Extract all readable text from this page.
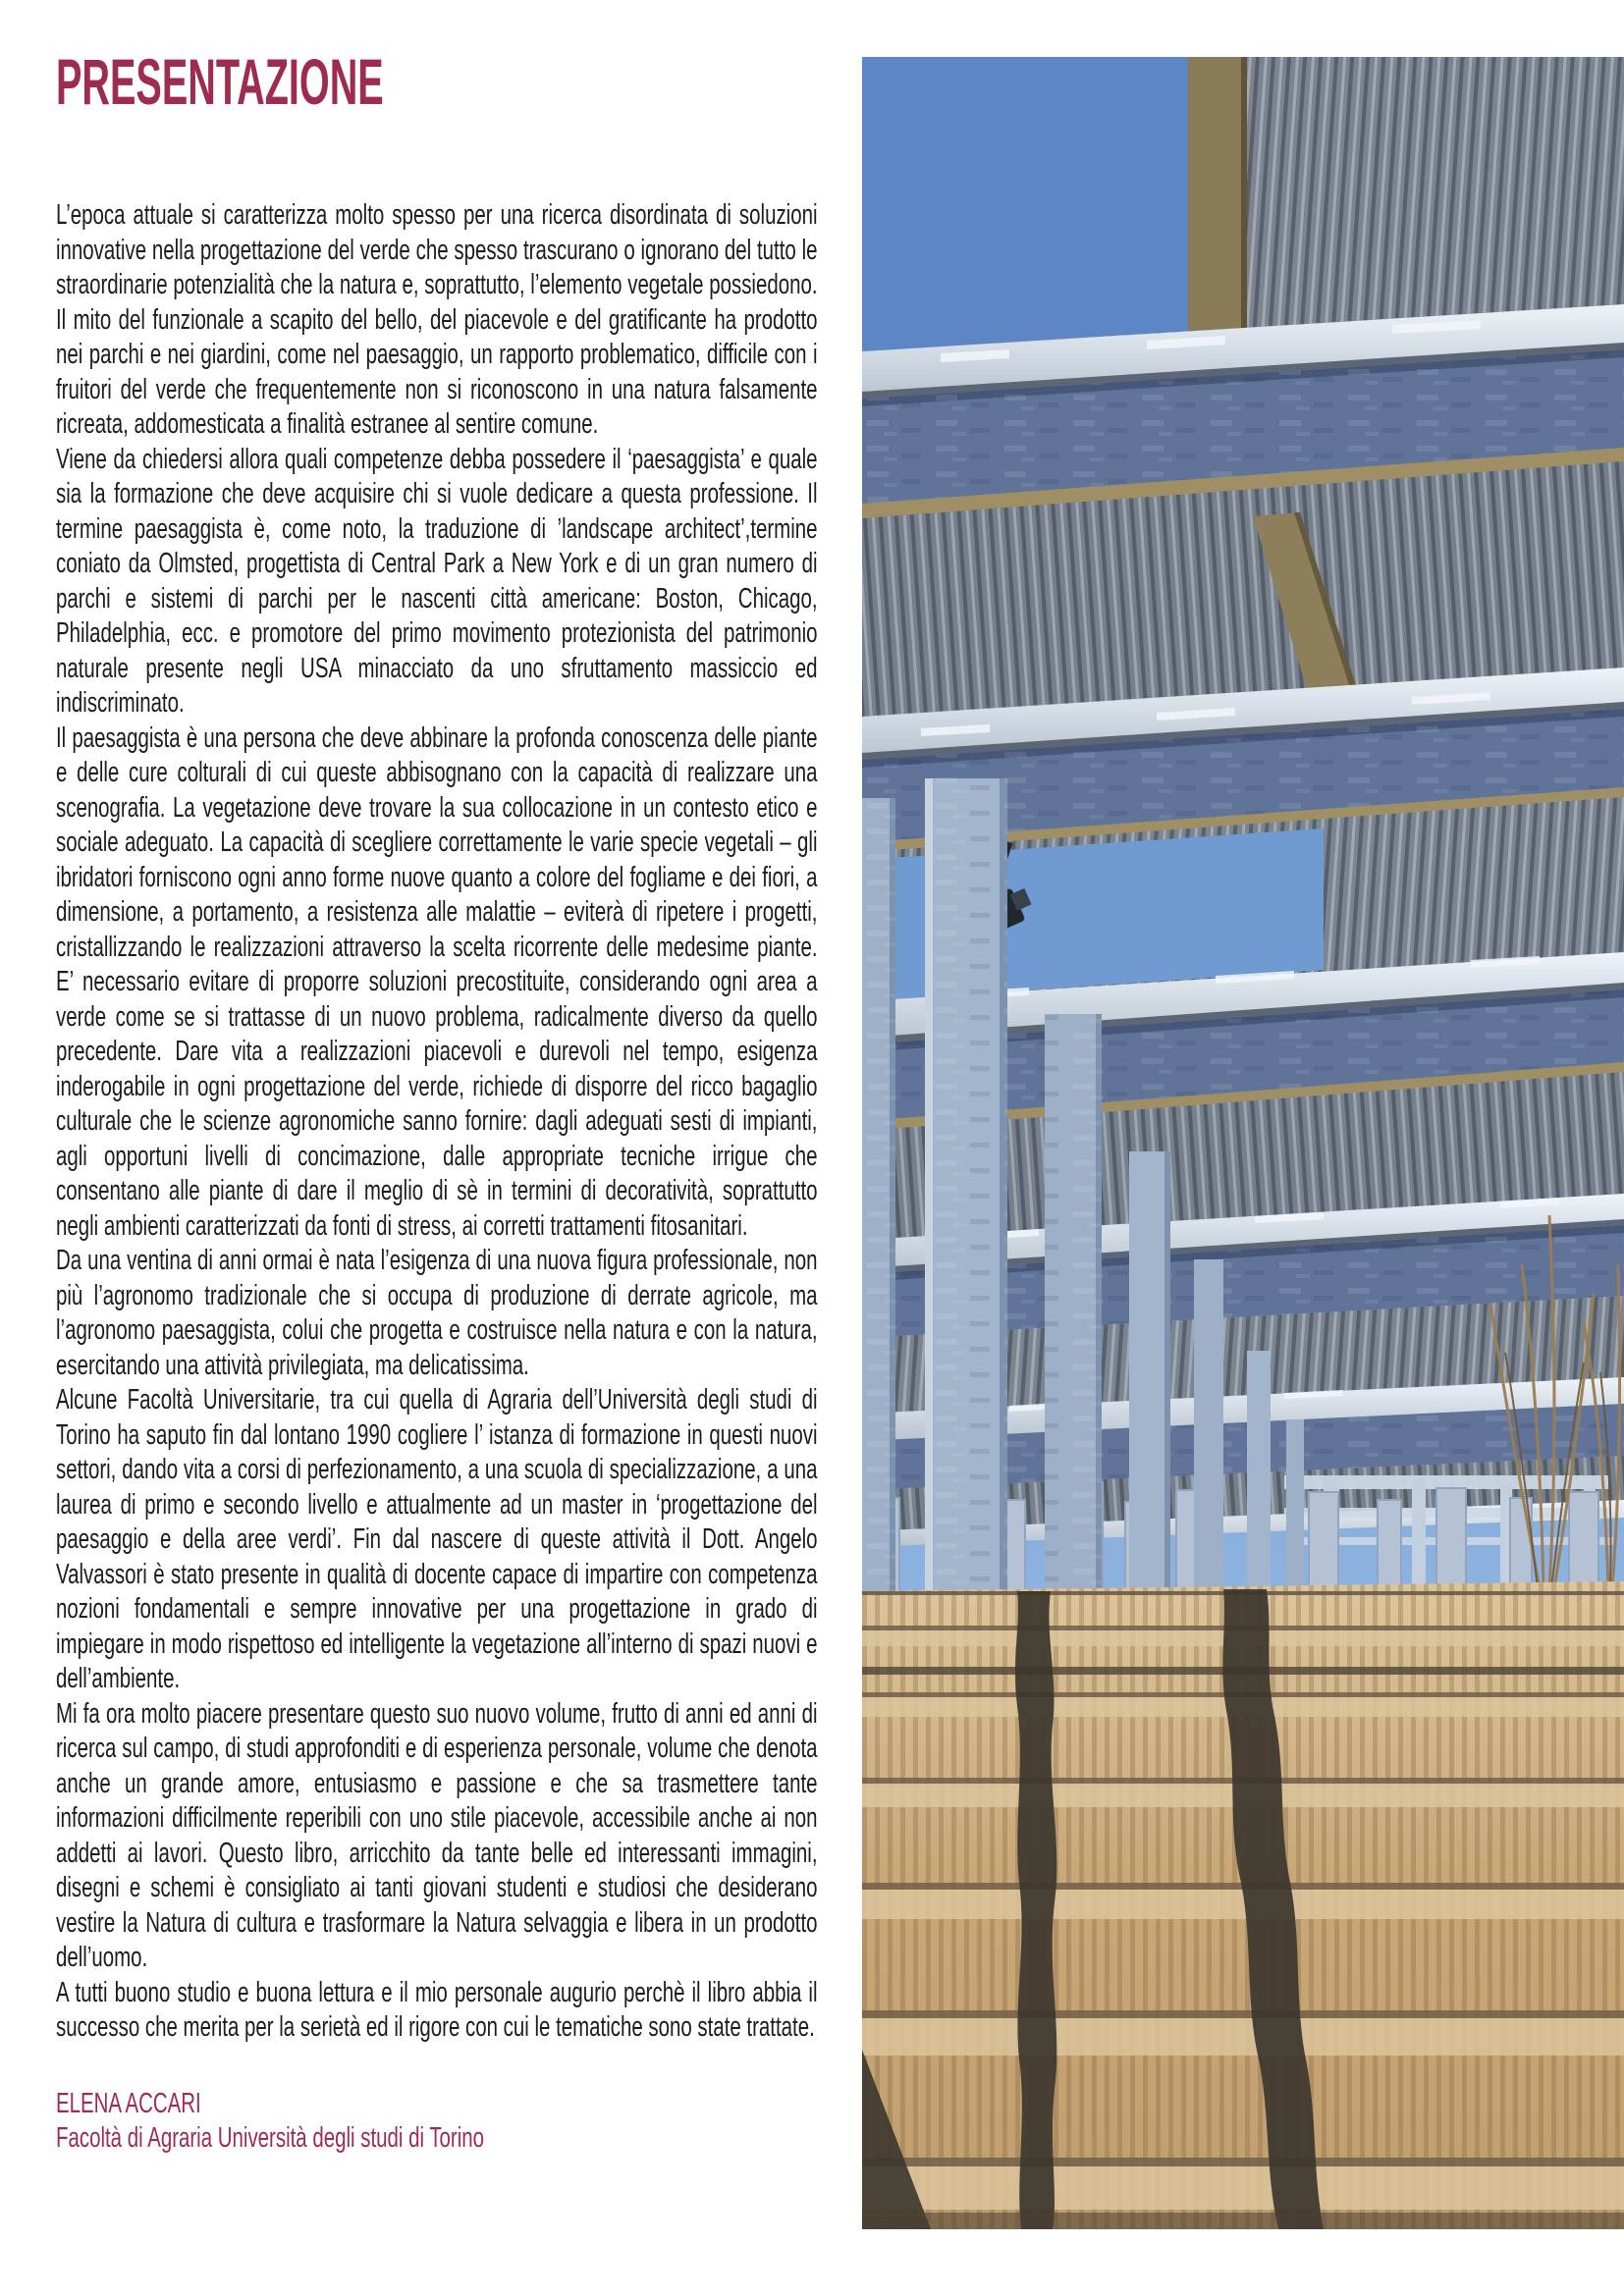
PRESENTAZIONE

L’epoca attuale si caratterizza molto spesso per una ricerca disordinata di soluzioni innovative nella progettazione del verde che spesso trascurano o ignorano del tutto le straordinarie potenzialità che la natura e, soprattutto, l’elemento vegetale possiedono. Il mito del funzionale a scapito del bello, del piacevole e del gratificante ha prodotto nei parchi e nei giardini, come nel paesaggio, un rapporto problematico, difficile con i fruitori del verde che frequentemente non si riconoscono in una natura falsamente ricreata, addomesticata a finalità estranee al sentire comune.

Viene da chiedersi allora quali competenze debba possedere il ‘paesaggista’ e quale sia la formazione che deve acquisire chi si vuole dedicare a questa professione. Il termine paesaggista è, come noto, la traduzione di ’landscape architect’,termine coniato da Olmsted, progettista di Central Park a New York e di un gran numero di parchi e sistemi di parchi per le nascenti città americane: Boston, Chicago, Philadelphia, ecc. e promotore del primo movimento protezionista del patrimonio naturale presente negli USA minacciato da uno sfruttamento massiccio ed indiscriminato.

Il paesaggista è una persona che deve abbinare la profonda conoscenza delle piante e delle cure colturali di cui queste abbisognano con la capacità di realizzare una scenografia. La vegetazione deve trovare la sua collocazione in un contesto etico e sociale adeguato. La capacità di scegliere correttamente le varie specie vegetali – gli ibridatori forniscono ogni anno forme nuove quanto a colore del fogliame e dei fiori, a dimensione, a portamento, a resistenza alle malattie – eviterà di ripetere i progetti, cristallizzando le realizzazioni attraverso la scelta ricorrente delle medesime piante. E’ necessario evitare di proporre soluzioni precostituite, considerando ogni area a verde come se si trattasse di un nuovo problema, radicalmente diverso da quello precedente. Dare vita a realizzazioni piacevoli e durevoli nel tempo, esigenza inderogabile in ogni progettazione del verde, richiede di disporre del ricco bagaglio culturale che le scienze agronomiche sanno fornire: dagli adeguati sesti di impianti, agli opportuni livelli di concimazione, dalle appropriate tecniche irrigue che consentano alle piante di dare il meglio di sè in termini di decoratività, soprattutto negli ambienti caratterizzati da fonti di stress, ai corretti trattamenti fitosanitari.

Da una ventina di anni ormai è nata l’esigenza di una nuova figura professionale, non più l’agronomo tradizionale che si occupa di produzione di derrate agricole, ma l’agronomo paesaggista, colui che progetta e costruisce nella natura e con la natura, esercitando una attività privilegiata, ma delicatissima.

Alcune Facoltà Universitarie, tra cui quella di Agraria dell’Università degli studi di Torino ha saputo fin dal lontano 1990 cogliere l’ istanza di formazione in questi nuovi settori, dando vita a corsi di perfezionamento, a una scuola di specializzazione, a una laurea di primo e secondo livello e attualmente ad un master in ‘progettazione del paesaggio e della aree verdi’. Fin dal nascere di queste attività il Dott. Angelo Valvassori è stato presente in qualità di docente capace di impartire con competenza nozioni fondamentali e sempre innovative per una progettazione in grado di impiegare in modo rispettoso ed intelligente la vegetazione all’interno di spazi nuovi e dell’ambiente.

Mi fa ora molto piacere presentare questo suo nuovo volume, frutto di anni ed anni di ricerca sul campo, di studi approfonditi e di esperienza personale, volume che denota anche un grande amore, entusiasmo e passione e che sa trasmettere tante informazioni difficilmente reperibili con uno stile piacevole, accessibile anche ai non addetti ai lavori. Questo libro, arricchito da tante belle ed interessanti immagini, disegni e schemi è consigliato ai tanti giovani studenti e studiosi che desiderano vestire la Natura di cultura e trasformare la Natura selvaggia e libera in un prodotto dell’uomo.

A tutti buono studio e buona lettura e il mio personale augurio perchè il libro abbia il successo che merita per la serietà ed il rigore con cui le tematiche sono state trattate.

ELENA ACCARI

Facoltà di Agraria Università degli studi di Torino
